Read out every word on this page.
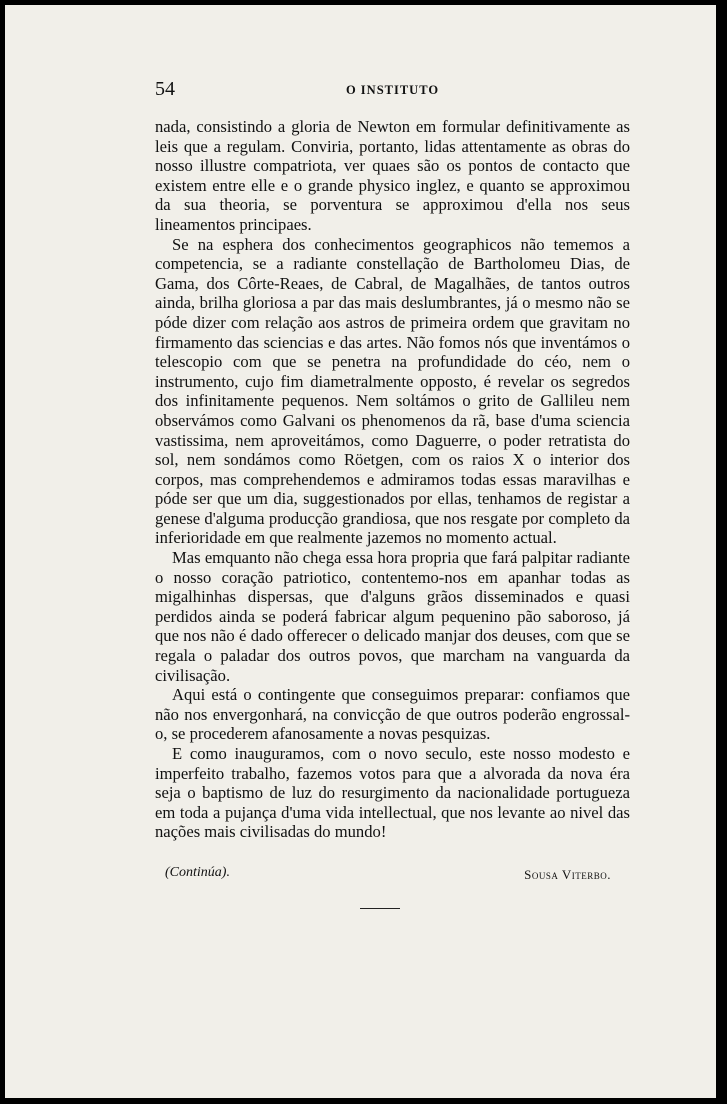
54	O INSTITUTO

nada, consistindo a gloria de Newton em formular definitivamente as leis que a regulam. Conviria, portanto, lidas attentamente as obras do nosso illustre compatriota, ver quaes são os pontos de contacto que existem entre elle e o grande physico inglez, e quanto se approximou da sua theoria, se porventura se approximou d'ella nos seus lineamentos principaes.

Se na esphera dos conhecimentos geographicos não tememos a competencia, se a radiante constellação de Bartholomeu Dias, de Gama, dos Côrte-Reaes, de Cabral, de Magalhães, de tantos outros ainda, brilha gloriosa a par das mais deslumbrantes, já o mesmo não se póde dizer com relação aos astros de primeira ordem que gravitam no firmamento das sciencias e das artes. Não fomos nós que inventámos o telescopio com que se penetra na profundidade do céo, nem o instrumento, cujo fim diametralmente opposto, é revelar os segredos dos infinitamente pequenos. Nem soltámos o grito de Gallileu nem observámos como Galvani os phenomenos da rã, base d'uma sciencia vastissima, nem aproveitámos, como Daguerre, o poder retratista do sol, nem sondámos como Röetgen, com os raios X o interior dos corpos, mas comprehendemos e admiramos todas essas maravilhas e póde ser que um dia, suggestionados por ellas, tenhamos de registar a genese d'alguma producção grandiosa, que nos resgate por completo da inferioridade em que realmente jazemos no momento actual.

Mas emquanto não chega essa hora propria que fará palpitar radiante o nosso coração patriotico, contentemo-nos em apanhar todas as migalhinhas dispersas, que d'alguns grãos disseminados e quasi perdidos ainda se poderá fabricar algum pequenino pão saboroso, já que nos não é dado offerecer o delicado manjar dos deuses, com que se regala o paladar dos outros povos, que marcham na vanguarda da civilisação.

Aqui está o contingente que conseguimos preparar: confiamos que não nos envergonhará, na convicção de que outros poderão engrossal-o, se procederem afanosamente a novas pesquizas.

E como inauguramos, com o novo seculo, este nosso modesto e imperfeito trabalho, fazemos votos para que a alvorada da nova éra seja o baptismo de luz do resurgimento da nacionalidade portugueza em toda a pujança d'uma vida intellectual, que nos levante ao nivel das nações mais civilisadas do mundo!

(Continúa).	Sousa Viterbo.
